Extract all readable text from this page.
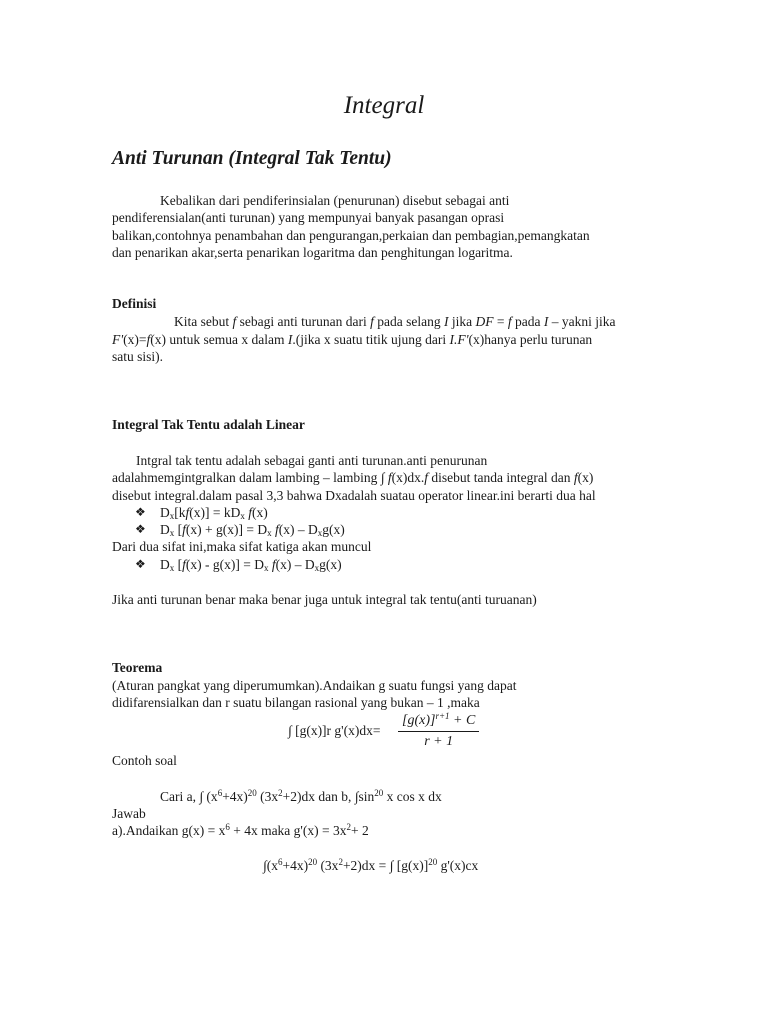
Integral
Anti Turunan (Integral Tak Tentu)
Kebalikan dari pendiferinsialan (penurunan) disebut sebagai anti
pendiferensialan(anti turunan) yang mempunyai banyak pasangan oprasi
balikan,contohnya penambahan dan pengurangan,perkaian dan pembagian,pemangkatan
dan penarikan akar,serta penarikan logaritma dan penghitungan logaritma.
Definisi
Kita sebut f sebagi anti turunan dari f pada selang I jika DF = f pada I – yakni jika
F'(x)=f(x) untuk semua x dalam I.(jika x suatu titik ujung dari I.F'(x)hanya perlu turunan
satu sisi).
Integral Tak Tentu adalah Linear
Intgral tak tentu adalah sebagai ganti anti turunan.anti penurunan
adalahmemgintgralkan dalam lambing – lambing ∫ f(x)dx.f disebut tanda integral dan f(x)
disebut integral.dalam pasal 3,3 bahwa Dxadalah suatau operator linear.ini berarti dua hal
❖ $D_x[kf(x)] = kD_x$ f(x)
❖ $D_x$ $[f(x) + g(x)] = D_x$ $f(x) - D_xg(x)$
Dari dua sifat ini,maka sifat katiga akan muncul
❖ $D_x$ $[f(x) - g(x)] = D_x$ $f(x) - D_xg(x)$
Jika anti turunan benar maka benar juga untuk integral tak tentu(anti turuanan)
Teorema
(Aturan pangkat yang diperumumkan).Andaikan g suatu fungsi yang dapat
didifarensialkan dan r suatu bilangan rasional yang bukan – 1 ,maka
∫ [g(x)]r $g'(x)dx= \frac{[g(x)]^{r+1} + C}{r + 1}$
Contoh soal
Cari a, ∫ $(x^6+4x)^{20}$ $(3x^2+2)dx$ dan b, $\int\sin^{20}$ x cos x dx
Jawab
a).Andaikan $g(x) = x^6 + 4x$ maka $g'(x) = 3x^2+ 2$
$\int(x^6+4x)^{20}$ $(3x^2+2)dx$ = ∫ $[g(x)]^{20}$ g'(x)cx
